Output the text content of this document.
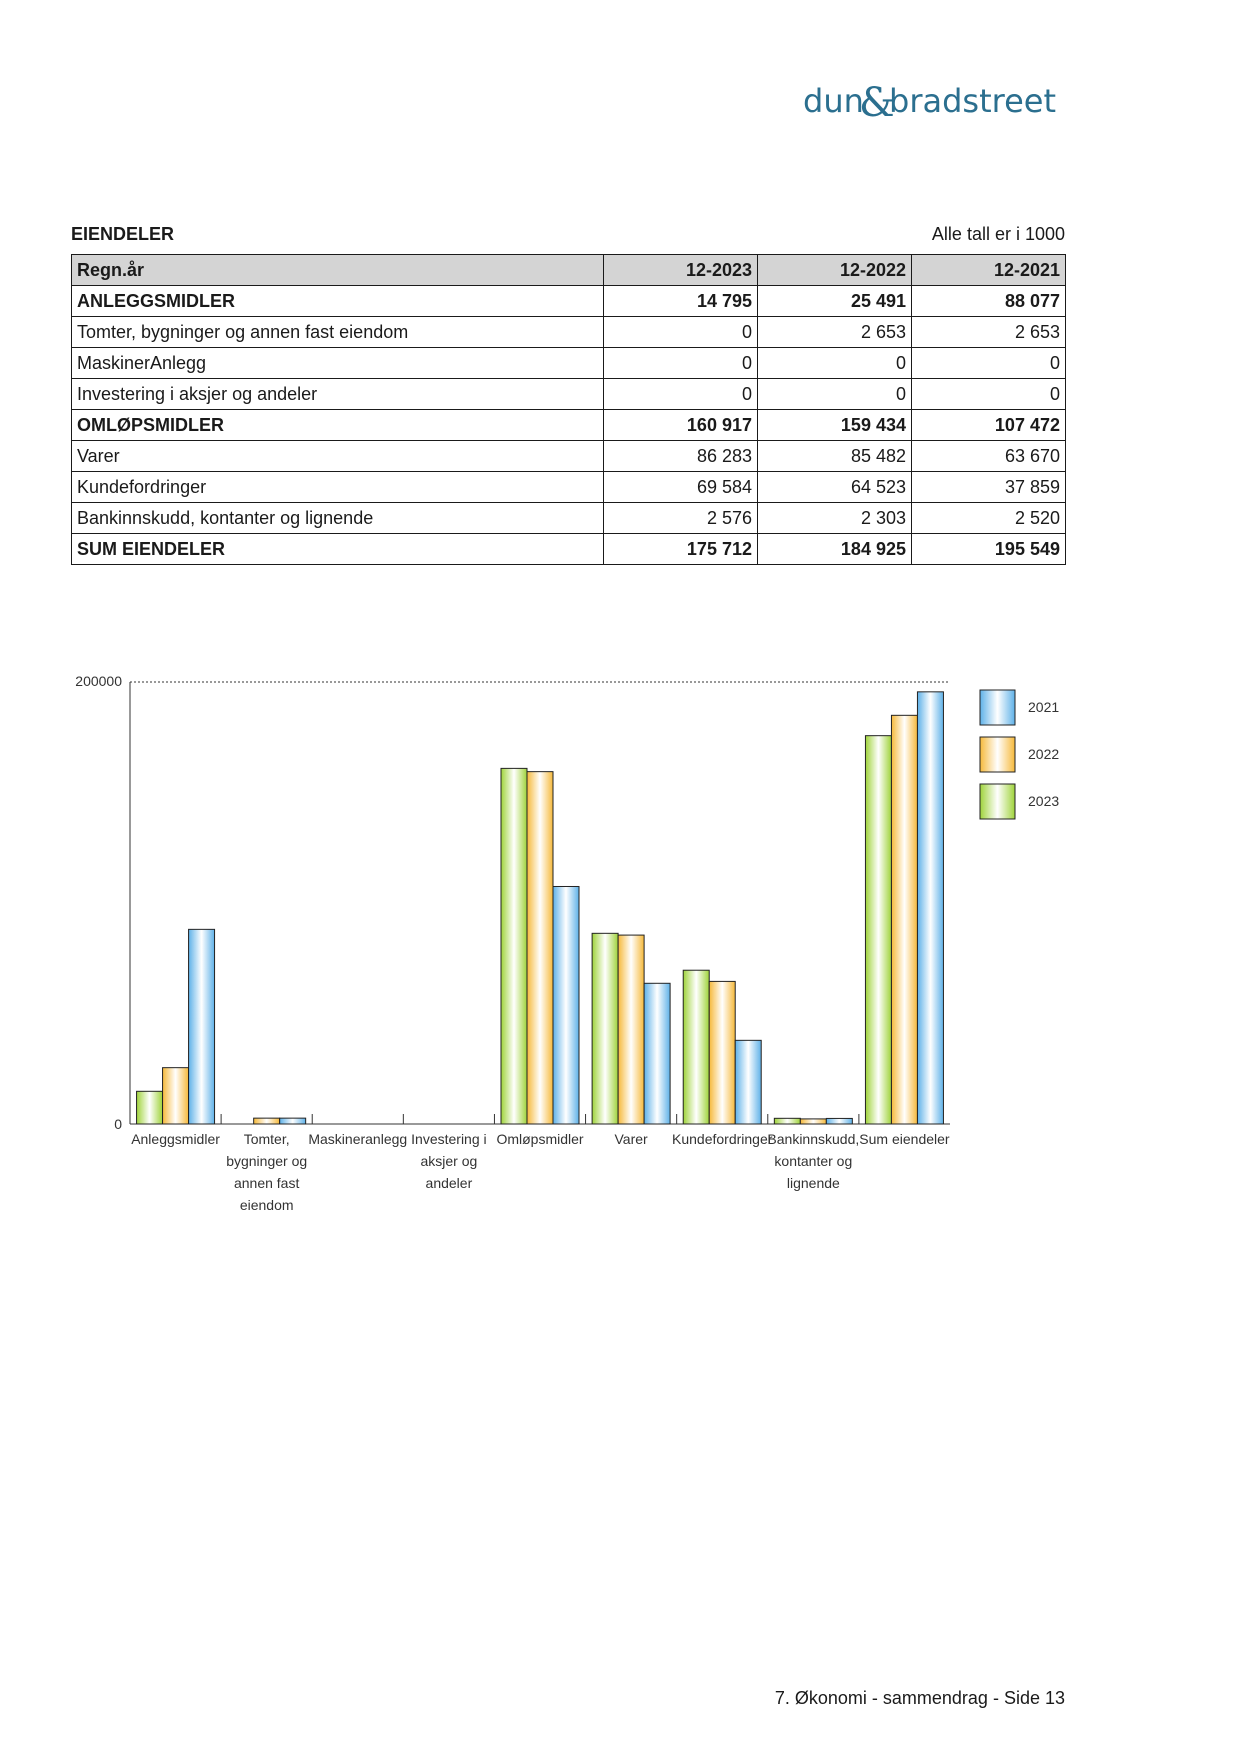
dun
&
bradstreet
EIENDELER	Alle tall er i 1000
Regn.år	12-2023	12-2022	12-2021
ANLEGGSMIDLER	14 795	25 491	88 077
Tomter, bygninger og annen fast eiendom	0	2 653	2 653
MaskinerAnlegg	0	0	0
Investering i aksjer og andeler	0	0	0
OMLØPSMIDLER	160 917	159 434	107 472
Varer	86 283	85 482	63 670
Kundefordringer	69 584	64 523	37 859
Bankinnskudd, kontanter og lignende	2 576	2 303	2 520
SUM EIENDELER	175 712	184 925	195 549
200000
0
Anleggsmidler	Tomter, bygninger og annen fast eiendom
Maskineranlegg Investering i aksjer og andeler
Omløpsmidler Varer Kundefordringer
Bankinnskudd, kontanter og lignende
Sum eiendeler
2021
2022
2023
7. Økonomi - sammendrag - Side 13
